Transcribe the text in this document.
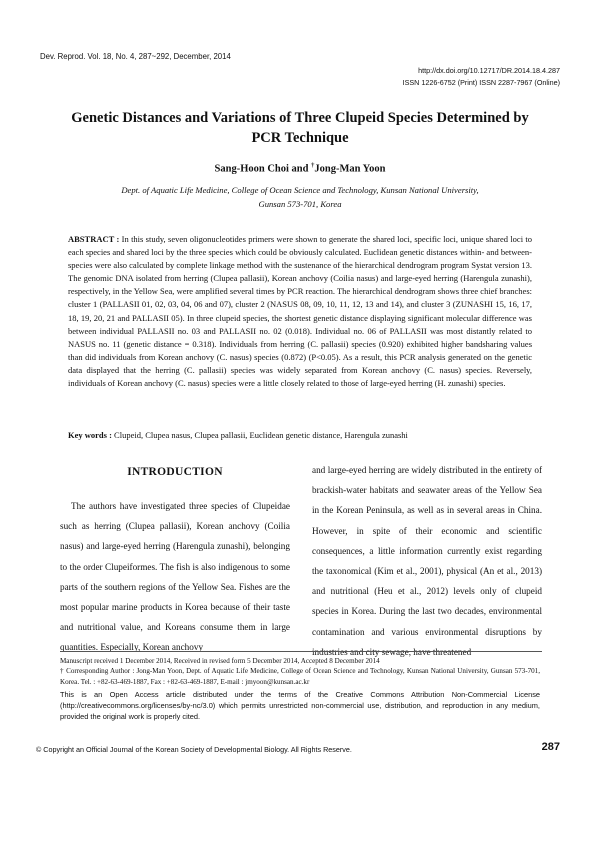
Dev. Reprod. Vol. 18, No. 4, 287~292, December, 2014
http://dx.doi.org/10.12717/DR.2014.18.4.287
ISSN 1226-6752 (Print) ISSN 2287-7967 (Online)
Genetic Distances and Variations of Three Clupeid Species Determined by
PCR Technique
Sang-Hoon Choi and †Jong-Man Yoon
Dept. of Aquatic Life Medicine, College of Ocean Science and Technology, Kunsan National University,
Gunsan 573-701, Korea
ABSTRACT : In this study, seven oligonucleotides primers were shown to generate the shared loci, specific loci, unique shared loci to each species and shared loci by the three species which could be obviously calculated. Euclidean genetic distances within- and between-species were also calculated by complete linkage method with the sustenance of the hierarchical dendrogram program Systat version 13. The genomic DNA isolated from herring (Clupea pallasii), Korean anchovy (Coilia nasus) and large-eyed herring (Harengula zunashi), respectively, in the Yellow Sea, were amplified several times by PCR reaction. The hierarchical dendrogram shows three chief branches: cluster 1 (PALLASII 01, 02, 03, 04, 06 and 07), cluster 2 (NASUS 08, 09, 10, 11, 12, 13 and 14), and cluster 3 (ZUNASHI 15, 16, 17, 18, 19, 20, 21 and PALLASII 05). In three clupeid species, the shortest genetic distance displaying significant molecular difference was between individual PALLASII no. 03 and PALLASII no. 02 (0.018). Individual no. 06 of PALLASII was most distantly related to NASUS no. 11 (genetic distance = 0.318). Individuals from herring (C. pallasii) species (0.920) exhibited higher bandsharing values than did individuals from Korean anchovy (C. nasus) species (0.872) (P<0.05). As a result, this PCR analysis generated on the genetic data displayed that the herring (C. pallasii) species was widely separated from Korean anchovy (C. nasus) species. Reversely, individuals of Korean anchovy (C. nasus) species were a little closely related to those of large-eyed herring (H. zunashi) species.
Key words : Clupeid, Clupea nasus, Clupea pallasii, Euclidean genetic distance, Harengula zunashi
INTRODUCTION
The authors have investigated three species of Clupeidae such as herring (Clupea pallasii), Korean anchovy (Coilia nasus) and large-eyed herring (Harengula zunashi), belonging to the order Clupeiformes. The fish is also indigenous to some parts of the southern regions of the Yellow Sea. Fishes are the most popular marine products in Korea because of their taste and nutritional value, and Koreans consume them in large quantities. Especially, Korean anchovy
and large-eyed herring are widely distributed in the entirety of brackish-water habitats and seawater areas of the Yellow Sea in the Korean Peninsula, as well as in several areas in China. However, in spite of their economic and scientific consequences, a little information currently exist regarding the taxonomical (Kim et al., 2001), physical (An et al., 2013) and nutritional (Heu et al., 2012) levels only of clupeid species in Korea. During the last two decades, environmental contamination and various environmental disruptions by industries and city sewage, have threatened
Manuscript received 1 December 2014, Received in revised form 5 December 2014, Accepted 8 December 2014
† Corresponding Author : Jong-Man Yoon, Dept. of Aquatic Life Medicine, College of Ocean Science and Technology, Kunsan National University, Gunsan 573-701, Korea. Tel. : +82-63-469-1887, Fax : +82-63-469-1887, E-mail : jmyoon@kunsan.ac.kr
This is an Open Access article distributed under the terms of the Creative Commons Attribution Non-Commercial License (http://creativecommons.org/licenses/by-nc/3.0) which permits unrestricted non-commercial use, distribution, and reproduction in any medium, provided the original work is properly cited.
© Copyright an Official Journal of the Korean Society of Developmental Biology. All Rights Reserve.	287
